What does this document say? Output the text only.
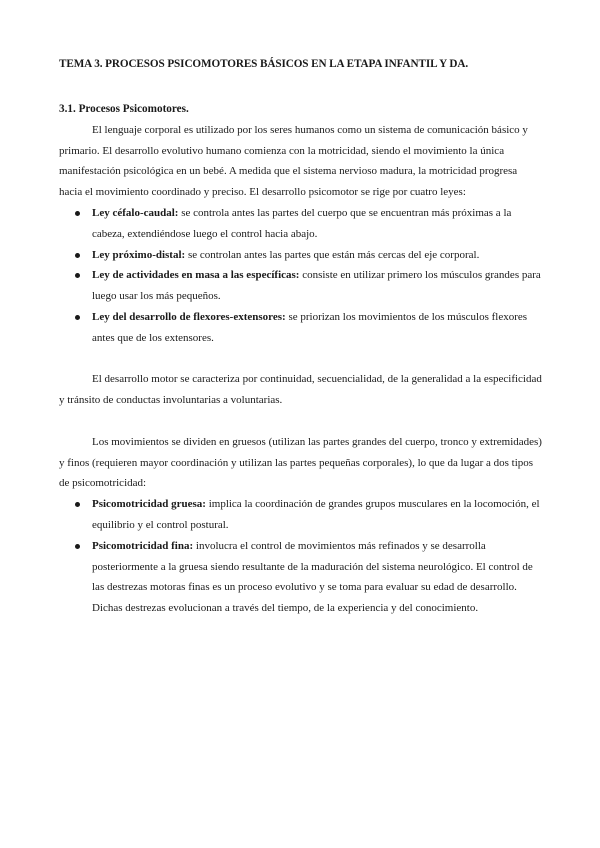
TEMA 3. PROCESOS PSICOMOTORES BÁSICOS EN LA ETAPA INFANTIL Y DA.
3.1. Procesos Psicomotores.

El lenguaje corporal es utilizado por los seres humanos como un sistema de comunicación básico y primario. El desarrollo evolutivo humano comienza con la motricidad, siendo el movimiento la única manifestación psicológica en un bebé. A medida que el sistema nervioso madura, la motricidad progresa hacia el movimiento coordinado y preciso. El desarrollo psicomotor se rige por cuatro leyes:

Ley céfalo-caudal: se controla antes las partes del cuerpo que se encuentran más próximas a la cabeza, extendiéndose luego el control hacia abajo.
Ley próximo-distal: se controlan antes las partes que están más cercas del eje corporal.
Ley de actividades en masa a las específicas: consiste en utilizar primero los músculos grandes para luego usar los más pequeños.
Ley del desarrollo de flexores-extensores: se priorizan los movimientos de los músculos flexores antes que de los extensores.

El desarrollo motor se caracteriza por continuidad, secuencialidad, de la generalidad a la especificidad y tránsito de conductas involuntarias a voluntarias.

Los movimientos se dividen en gruesos (utilizan las partes grandes del cuerpo, tronco y extremidades) y finos (requieren mayor coordinación y utilizan las partes pequeñas corporales), lo que da lugar a dos tipos de psicomotricidad:

Psicomotricidad gruesa: implica la coordinación de grandes grupos musculares en la locomoción, el equilibrio y el control postural.
Psicomotricidad fina: involucra el control de movimientos más refinados y se desarrolla posteriormente a la gruesa siendo resultante de la maduración del sistema neurológico. El control de las destrezas motoras finas es un proceso evolutivo y se toma para evaluar su edad de desarrollo. Dichas destrezas evolucionan a través del tiempo, de la experiencia y del conocimiento.
